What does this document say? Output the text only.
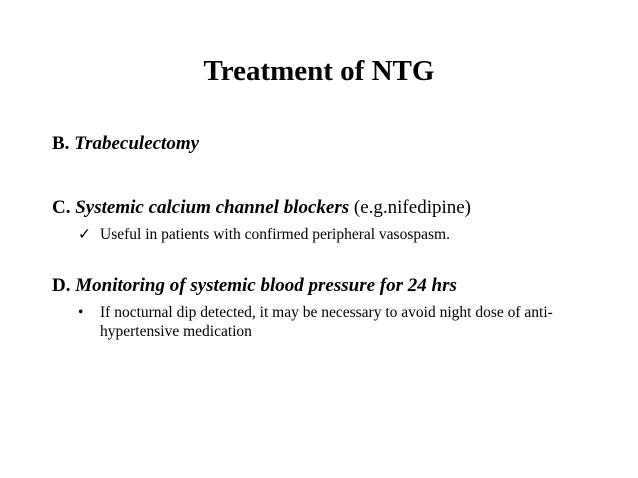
Treatment of NTG
B. Trabeculectomy
C. Systemic calcium channel blockers (e.g.nifedipine)
✓ Useful in patients with confirmed peripheral vasospasm.
D. Monitoring of systemic blood pressure for 24 hrs
•	If nocturnal dip detected, it may be necessary to avoid night dose of anti-hypertensive medication
